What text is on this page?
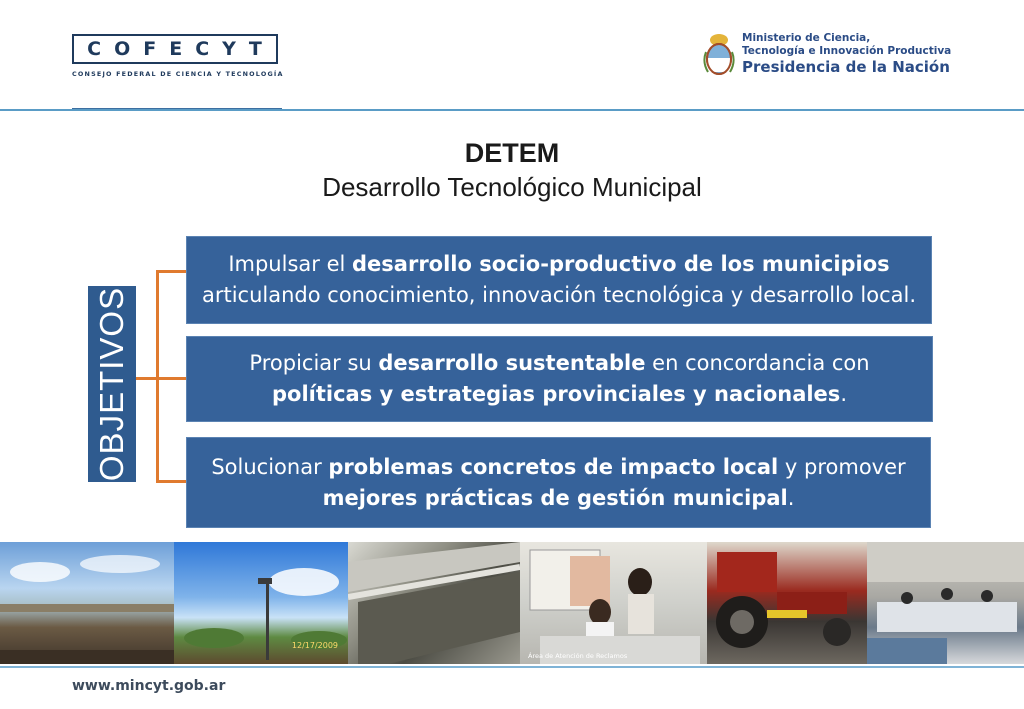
COFECYT
CONSEJO FEDERAL DE CIENCIA Y TECNOLOGÍA
Ministerio de Ciencia,
Tecnología e Innovación Productiva
Presidencia de la Nación
DETEM
Desarrollo Tecnológico Municipal
OBJETIVOS
Impulsar el desarrollo socio-productivo de los municipios articulando conocimiento, innovación tecnológica y desarrollo local.
Propiciar su desarrollo sustentable en concordancia con políticas y estrategias provinciales y nacionales.
Solucionar problemas concretos de impacto local y promover mejores prácticas de gestión municipal.
12/17/2009
Área de Atención de Reclamos
www.mincyt.gob.ar
